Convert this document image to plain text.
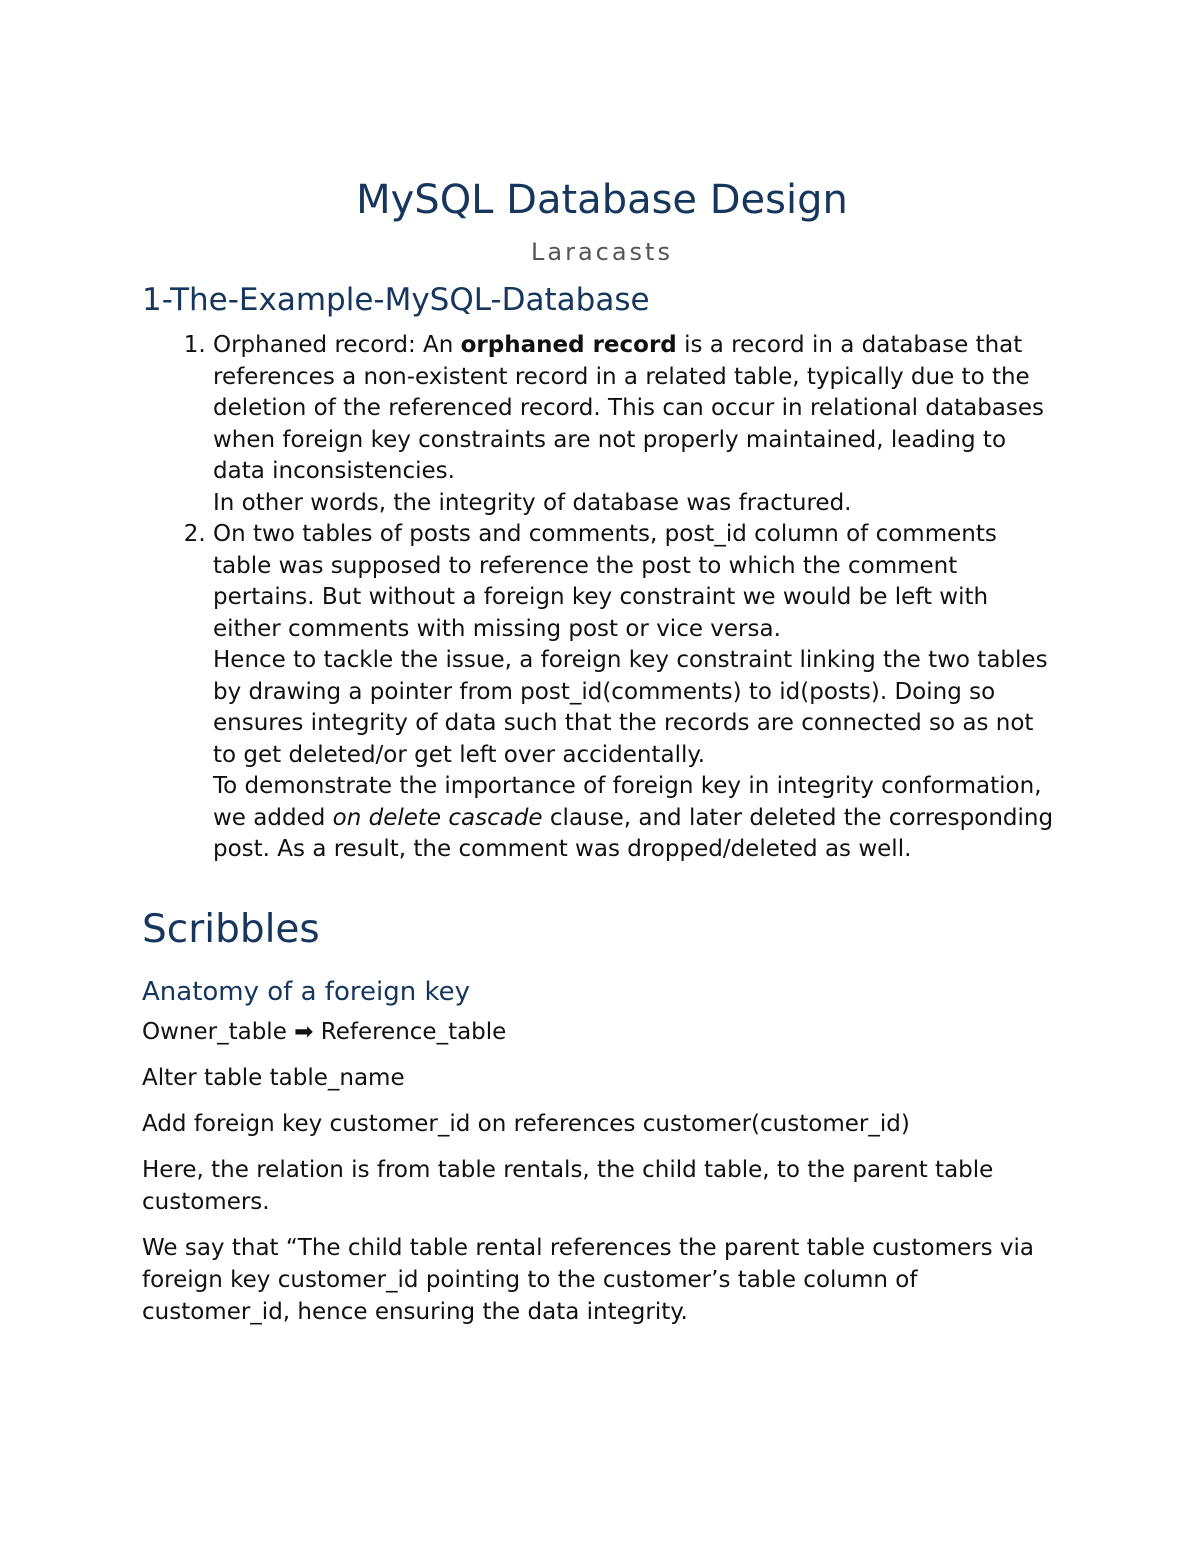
MySQL Database Design
Laracasts
1-The-Example-MySQL-Database
1. Orphaned record: An orphaned record is a record in a database that references a non-existent record in a related table, typically due to the deletion of the referenced record. This can occur in relational databases when foreign key constraints are not properly maintained, leading to data inconsistencies.
In other words, the integrity of database was fractured.
2. On two tables of posts and comments, post_id column of comments table was supposed to reference the post to which the comment pertains. But without a foreign key constraint we would be left with either comments with missing post or vice versa.
Hence to tackle the issue, a foreign key constraint linking the two tables by drawing a pointer from post_id(comments) to id(posts). Doing so ensures integrity of data such that the records are connected so as not to get deleted/or get left over accidentally.
To demonstrate the importance of foreign key in integrity conformation, we added on delete cascade clause, and later deleted the corresponding post. As a result, the comment was dropped/deleted as well.
Scribbles
Anatomy of a foreign key

Owner_table ➡ Reference_table

Alter table table_name

Add foreign key customer_id on references customer(customer_id)

Here, the relation is from table rentals, the child table, to the parent table customers.

We say that “The child table rental references the parent table customers via foreign key customer_id pointing to the customer’s table column of customer_id, hence ensuring the data integrity.
